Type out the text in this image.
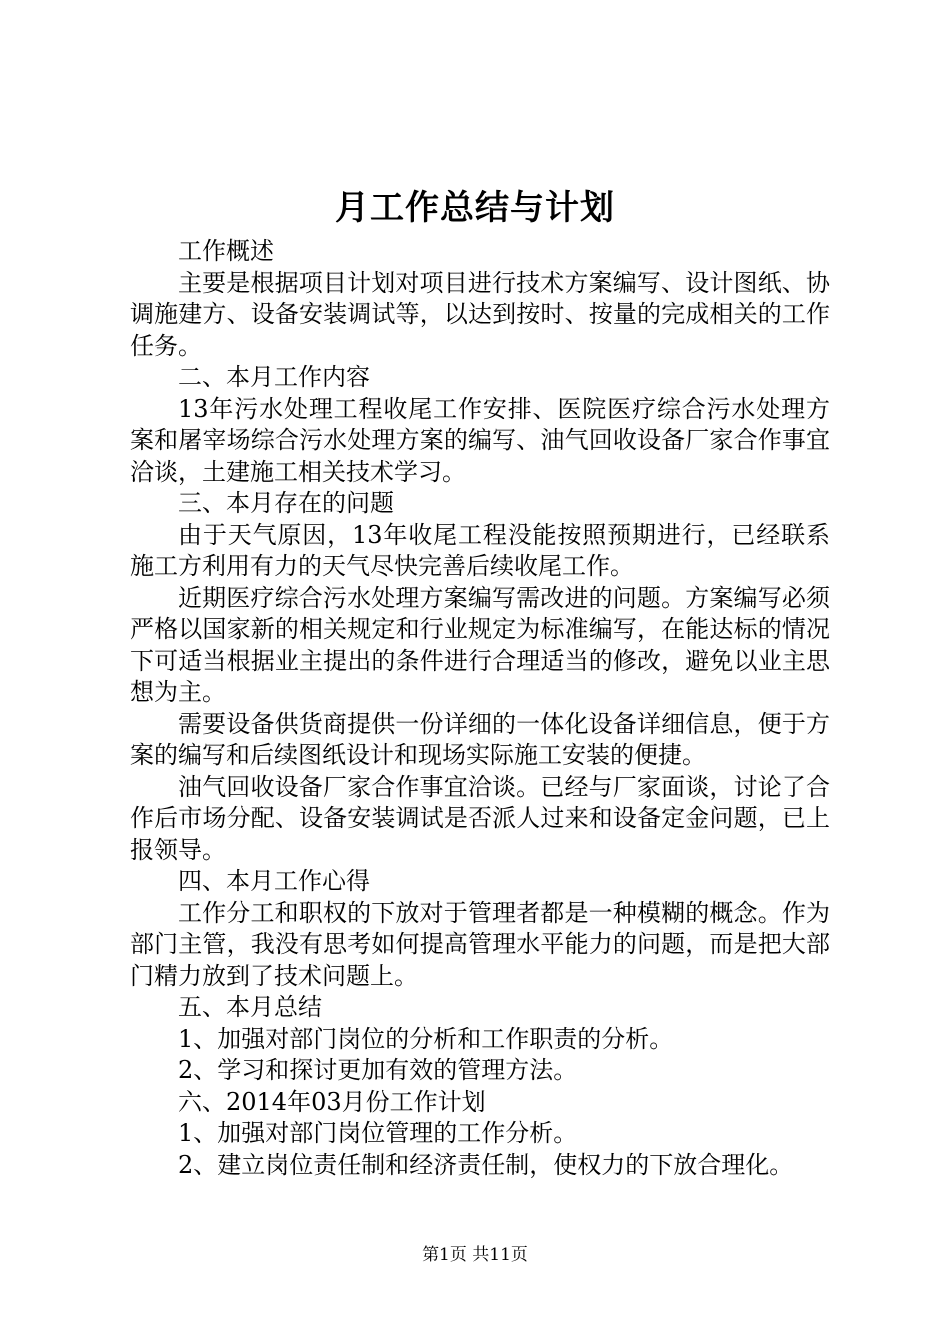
月工作总结与计划

工作概述

主要是根据项目计划对项目进行技术方案编写、设计图纸、协调施建方、设备安装调试等，以达到按时、按量的完成相关的工作任务。

二、本月工作内容

13年污水处理工程收尾工作安排、医院医疗综合污水处理方案和屠宰场综合污水处理方案的编写、油气回收设备厂家合作事宜洽谈，土建施工相关技术学习。

三、本月存在的问题

由于天气原因，13年收尾工程没能按照预期进行，已经联系施工方利用有力的天气尽快完善后续收尾工作。

近期医疗综合污水处理方案编写需改进的问题。方案编写必须严格以国家新的相关规定和行业规定为标准编写，在能达标的情况下可适当根据业主提出的条件进行合理适当的修改，避免以业主思想为主。

需要设备供货商提供一份详细的一体化设备详细信息，便于方案的编写和后续图纸设计和现场实际施工安装的便捷。

油气回收设备厂家合作事宜洽谈。已经与厂家面谈，讨论了合作后市场分配、设备安装调试是否派人过来和设备定金问题，已上报领导。

四、本月工作心得

工作分工和职权的下放对于管理者都是一种模糊的概念。作为部门主管，我没有思考如何提高管理水平能力的问题，而是把大部门精力放到了技术问题上。

五、本月总结

1、加强对部门岗位的分析和工作职责的分析。

2、学习和探讨更加有效的管理方法。

六、2014年03月份工作计划

1、加强对部门岗位管理的工作分析。

2、建立岗位责任制和经济责任制，使权力的下放合理化。

第1页 共11页
